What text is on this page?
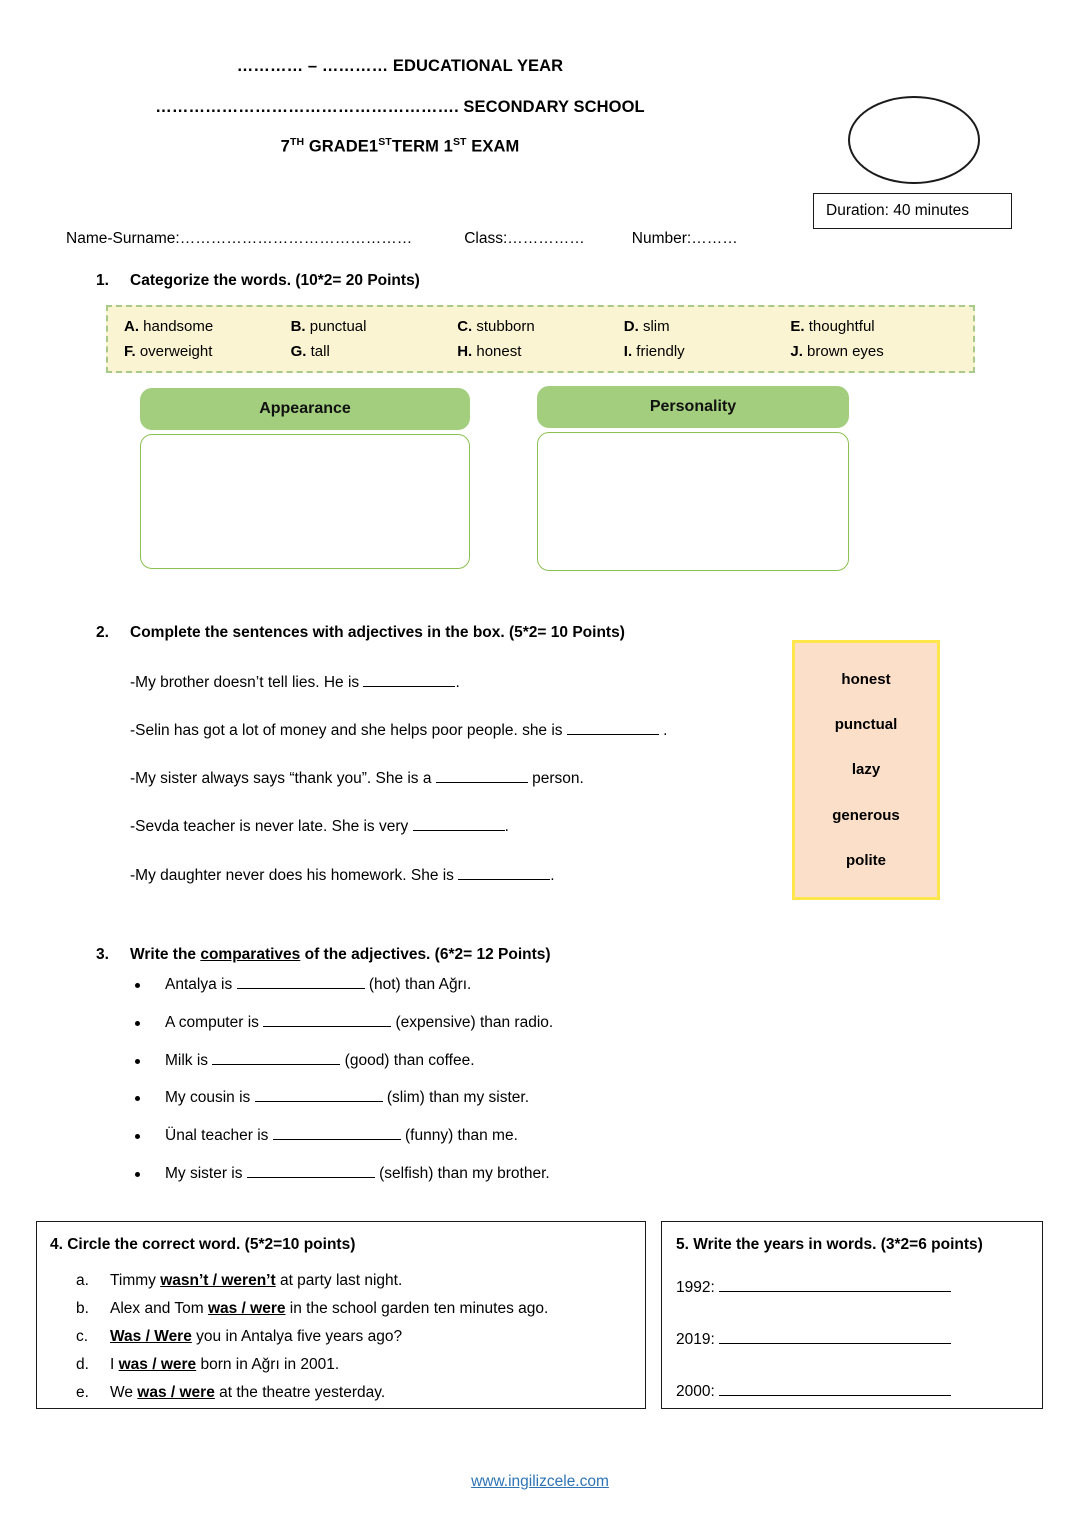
………… – ………… EDUCATIONAL YEAR
………………………………………………. SECONDARY SCHOOL
7TH GRADE1STTERM 1ST EXAM
Duration: 40 minutes
Name-Surname:………………………………………	Class:……………	Number:………
1. Categorize the words. (10*2= 20 Points)
A. handsome	B. punctual	C. stubborn	D. slim	E. thoughtful
F. overweight	G. tall	H. honest	I. friendly	J. brown eyes
Appearance	Personality
2. Complete the sentences with adjectives in the box. (5*2= 10 Points)
-My brother doesn’t tell lies. He is	.
-Selin has got a lot of money and she helps poor people. she is	.
-My sister always says “thank you”. She is a	person.
-Sevda teacher is never late. She is very	.
-My daughter never does his homework. She is	.
honest
punctual
lazy
generous
polite
3. Write the comparatives of the adjectives. (6*2= 12 Points)
Antalya is	(hot) than Ağrı.
A computer is	(expensive) than radio.
Milk is	(good) than coffee.
My cousin is	(slim) than my sister.
Ünal teacher is	(funny) than me.
My sister is	(selfish) than my brother.
4. Circle the correct word. (5*2=10 points)
a. Timmy wasn’t / weren’t at party last night.
b. Alex and Tom was / were in the school garden ten minutes ago.
c. Was / Were you in Antalya five years ago?
d. I was / were born in Ağrı in 2001.
e. We was / were at the theatre yesterday.
5. Write the years in words. (3*2=6 points)
1992:
2019:
2000:
www.ingilizcele.com
